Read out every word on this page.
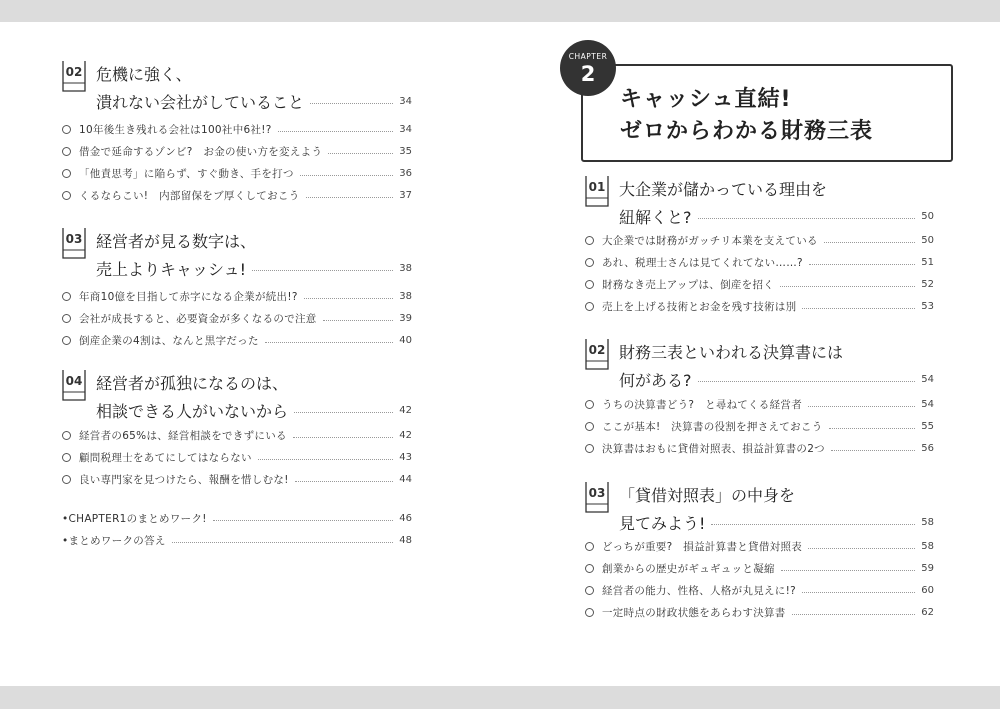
02 危機に強く、
潰れない会社がしていること	34
10年後生き残れる会社は100社中6社!?	34
借金で延命するゾンビ?　お金の使い方を変えよう	35
「他責思考」に陥らず、すぐ動き、手を打つ	36
くるならこい!　内部留保をブ厚くしておこう	37
03 経営者が見る数字は、
売上よりキャッシュ!	38
年商10億を目指して赤字になる企業が続出!?	38
会社が成長すると、必要資金が多くなるので注意	39
倒産企業の4割は、なんと黒字だった	40
04 経営者が孤独になるのは、
相談できる人がいないから	42
経営者の65%は、経営相談をできずにいる	42
顧問税理士をあてにしてはならない	43
良い専門家を見つけたら、報酬を惜しむな!	44
•CHAPTER1のまとめワーク!	46
•まとめワークの答え	48
CHAPTER
2
キャッシュ直結!
ゼロからわかる財務三表
01 大企業が儲かっている理由を
紐解くと?	50
大企業では財務がガッチリ本業を支えている	50
あれ、税理士さんは見てくれてない……?	51
財務なき売上アップは、倒産を招く	52
売上を上げる技術とお金を残す技術は別	53
02 財務三表といわれる決算書には
何がある?	54
うちの決算書どう?　と尋ねてくる経営者	54
ここが基本!　決算書の役割を押さえておこう	55
決算書はおもに貸借対照表、損益計算書の2つ	56
03 「貸借対照表」の中身を
見てみよう!	58
どっちが重要?　損益計算書と貸借対照表	58
創業からの歴史がギュギュッと凝縮	59
経営者の能力、性格、人格が丸見えに!?	60
一定時点の財政状態をあらわす決算書	62
